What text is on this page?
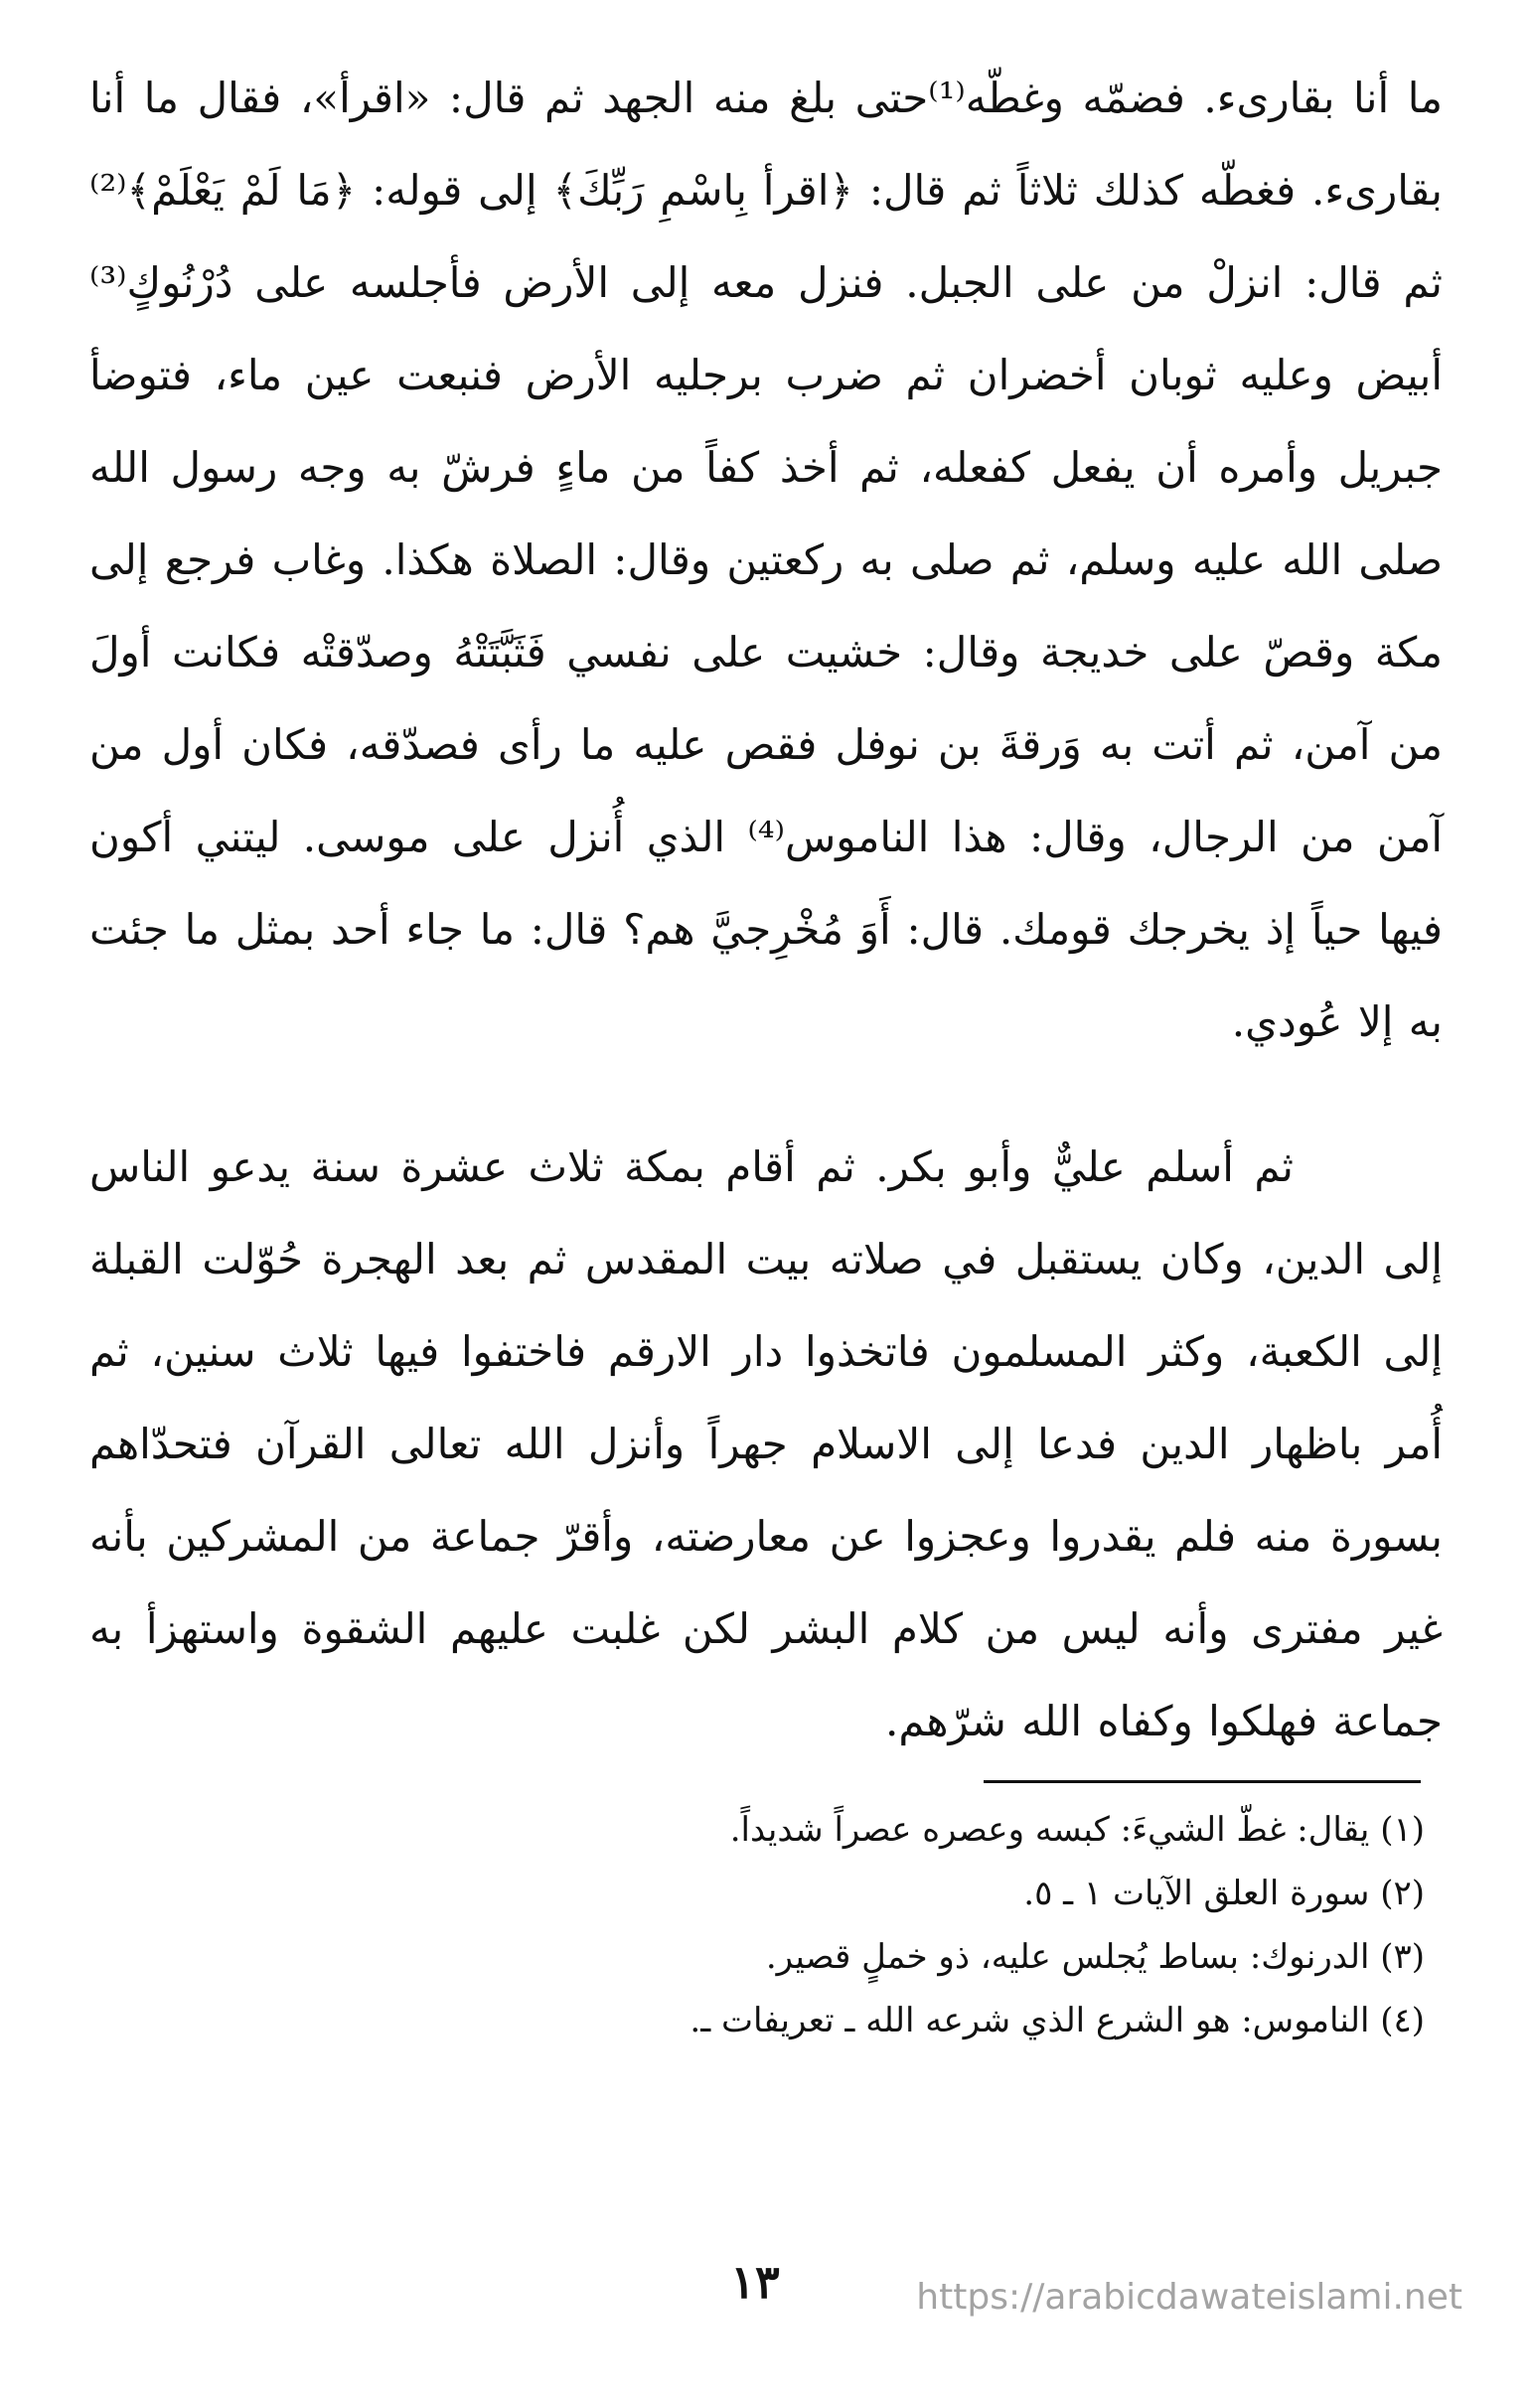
ما أنا بقارىء. فضمّه وغطّه⁽¹⁾حتى بلغ منه الجهد ثم قال: «اقرأ»، فقال ما أنا بقارىء. فغطّه كذلك ثلاثاً ثم قال: ﴿اقرأ بِاسْمِ رَبِّكَ﴾ إلى قوله: ﴿مَا لَمْ يَعْلَمْ﴾⁽²⁾ثم قال: انزلْ من على الجبل. فنزل معه إلى الأرض فأجلسه على دُرْنُوكٍ⁽³⁾ أبيض وعليه ثوبان أخضران ثم ضرب برجليه الأرض فنبعت عين ماء، فتوضأ جبريل وأمره أن يفعل كفعله، ثم أخذ كفاً من ماءٍ فرشّ به وجه رسول الله صلى الله عليه وسلم، ثم صلى به ركعتين وقال: الصلاة هكذا. وغاب فرجع إلى مكة وقصّ على خديجة وقال: خشيت على نفسي فَثَبَّتَتْهُ وصدّقتْه فكانت أولَ من آمن، ثم أتت به وَرقةَ بن نوفل فقص عليه ما رأى فصدّقه، فكان أول من آمن من الرجال، وقال: هذا الناموس⁽⁴⁾ الذي أُنزل على موسى. ليتني أكون فيها حياً إذ يخرجك قومك. قال: أَوَ مُخْرِجيَّ هم؟ قال: ما جاء أحد بمثل ما جئت به إلا عُودي.

ثم أسلم عليٌّ وأبو بكر. ثم أقام بمكة ثلاث عشرة سنة يدعو الناس إلى الدين، وكان يستقبل في صلاته بيت المقدس ثم بعد الهجرة حُوّلت القبلة إلى الكعبة، وكثر المسلمون فاتخذوا دار الارقم فاختفوا فيها ثلاث سنين، ثم أُمر باظهار الدين فدعا إلى الاسلام جهراً وأنزل الله تعالى القرآن فتحدّاهم بسورة منه فلم يقدروا وعجزوا عن معارضته، وأقرّ جماعة من المشركين بأنه غير مفترى وأنه ليس من كلام البشر لكن غلبت عليهم الشقوة واستهزأ به جماعة فهلكوا وكفاه الله شرّهم.

(١) يقال: غطّ الشيءَ: كبسه وعصره عصراً شديداً.

(٢) سورة العلق الآيات ١ ـ ٥.

(٣) الدرنوك: بساط يُجلس عليه، ذو خملٍ قصير.

(٤) الناموس: هو الشرع الذي شرعه الله ـ تعريفات ـ.

١٣	https://arabicdawateislami.net
